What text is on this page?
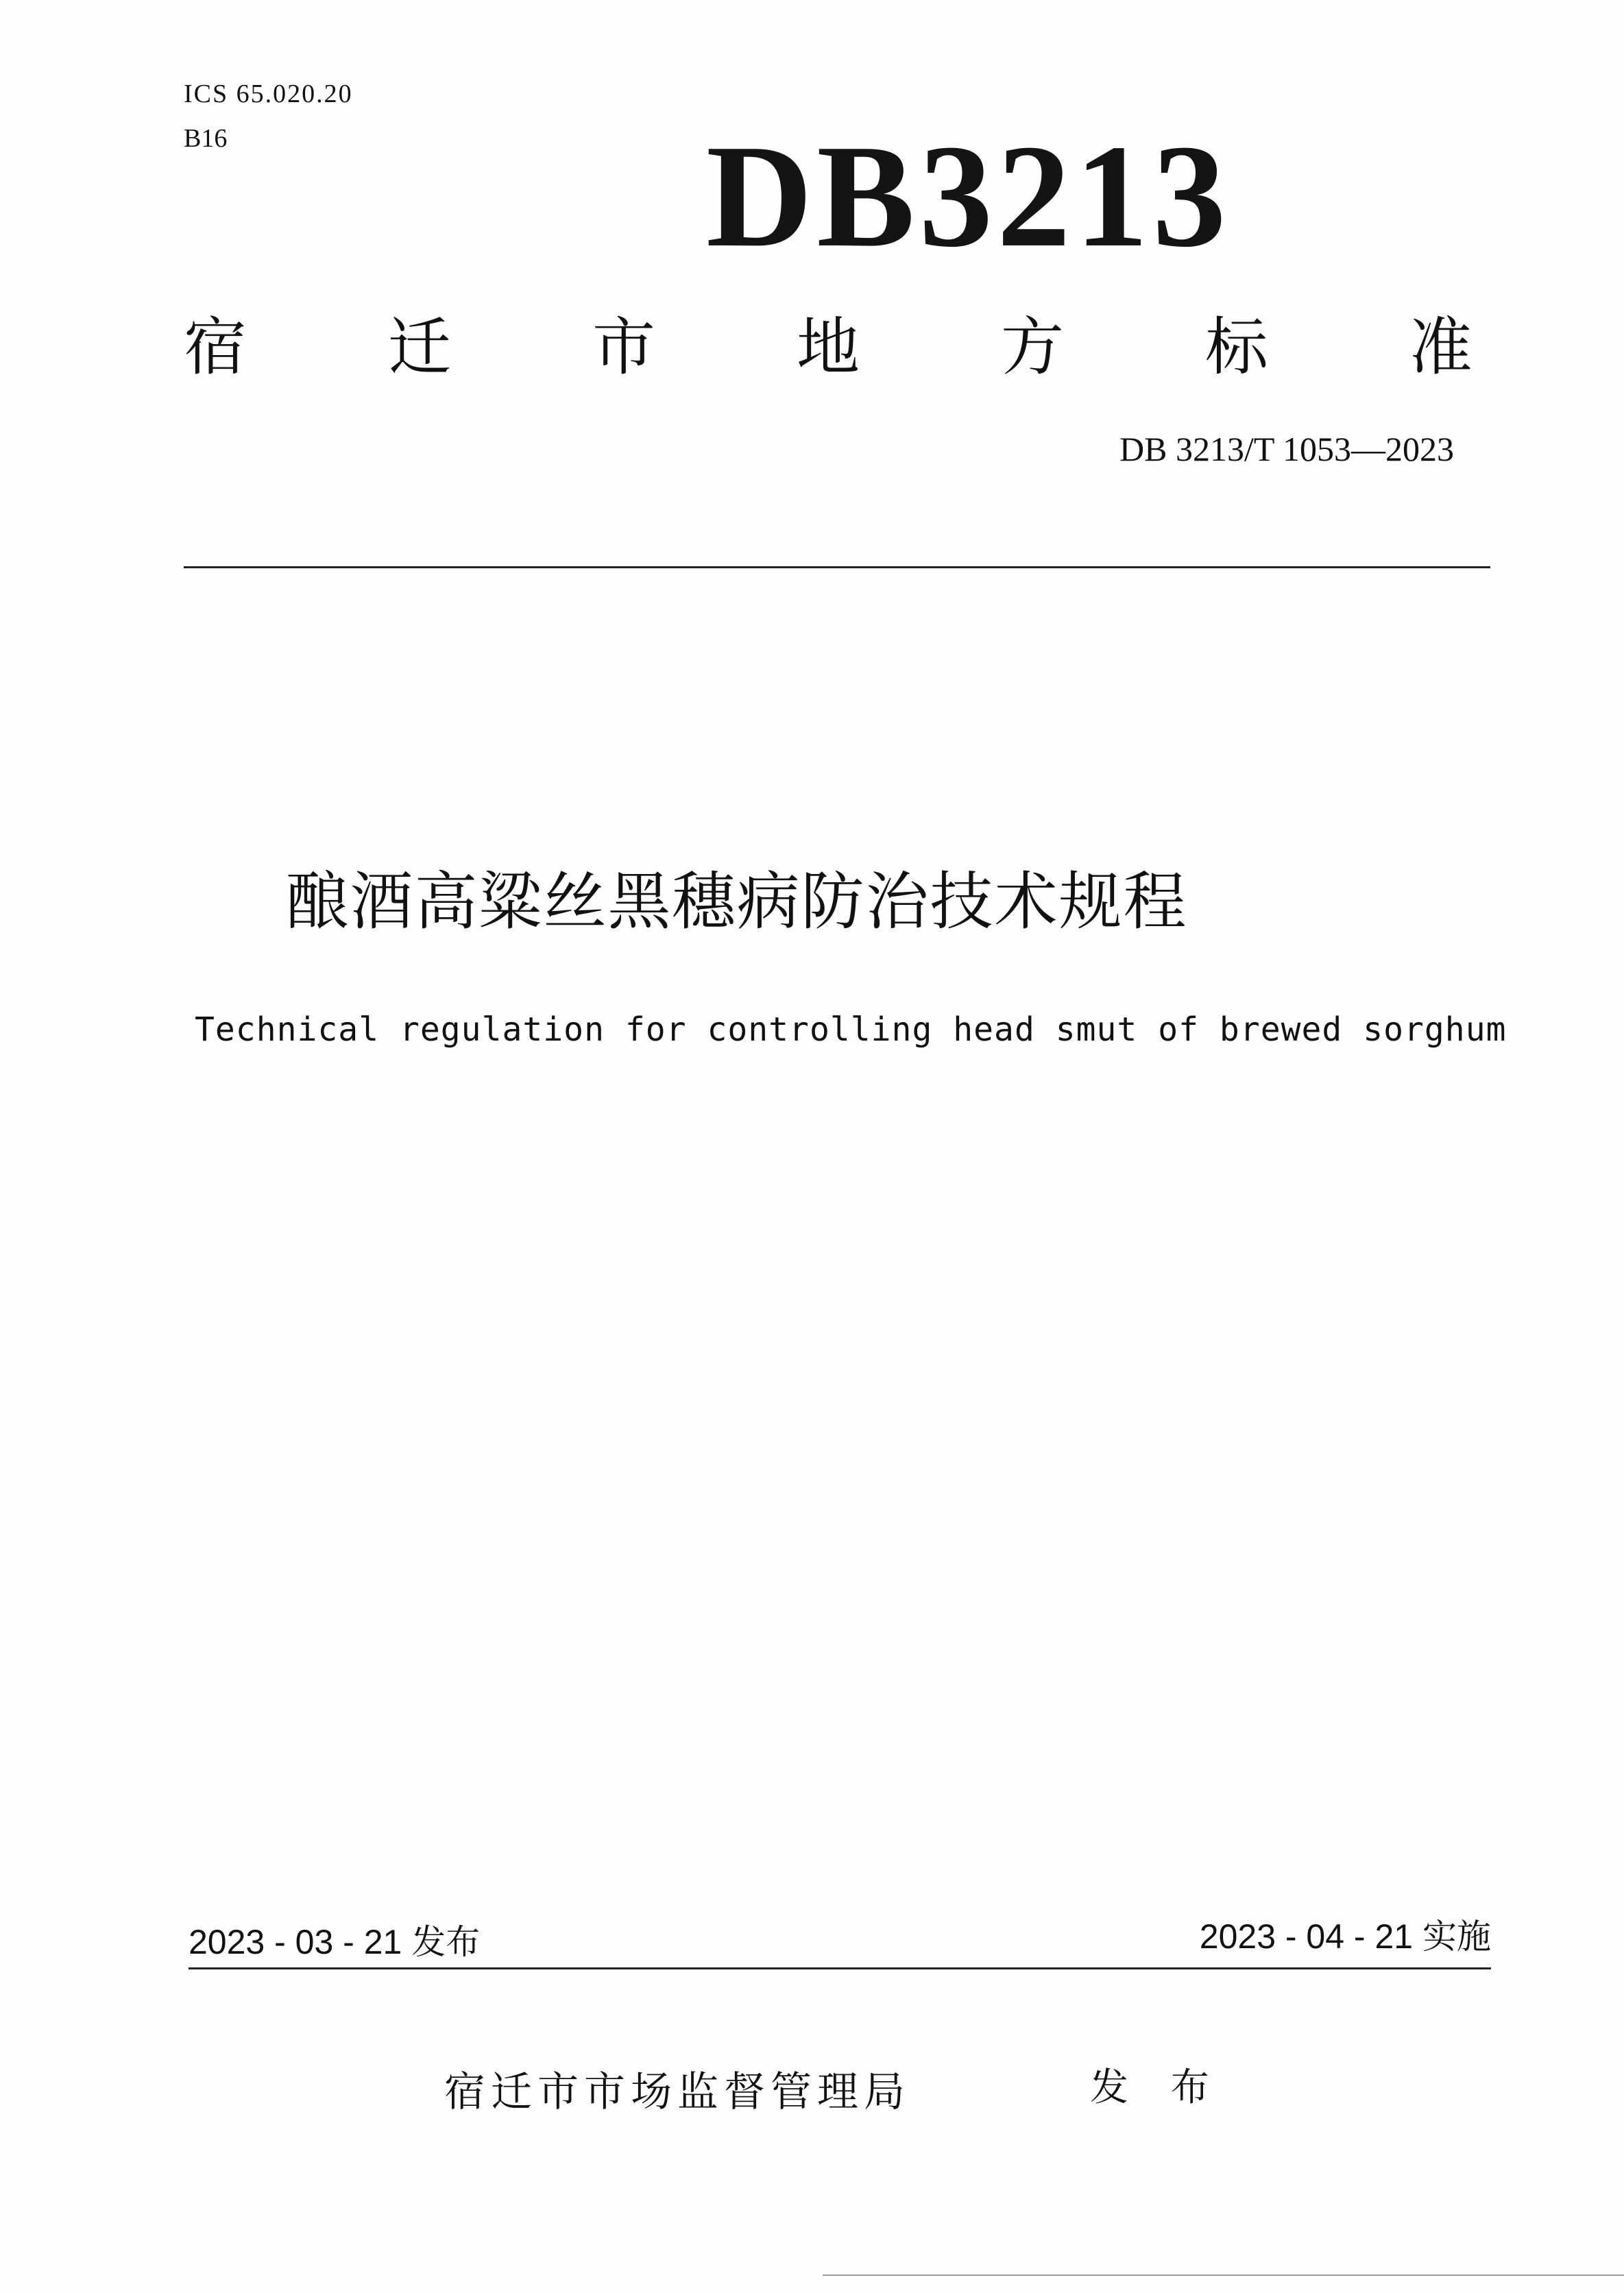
ICS 65.020.20
B16	DB3213
宿 迁 市 地 方 标 准
DB 3213/T 1053—2023
酿酒高粱丝黑穗病防治技术规程
Technical regulation for controlling head smut of brewed sorghum
2023 - 03 - 21 发布	2023 - 04 - 21 实施
宿迁市市场监督管理局	发 布
